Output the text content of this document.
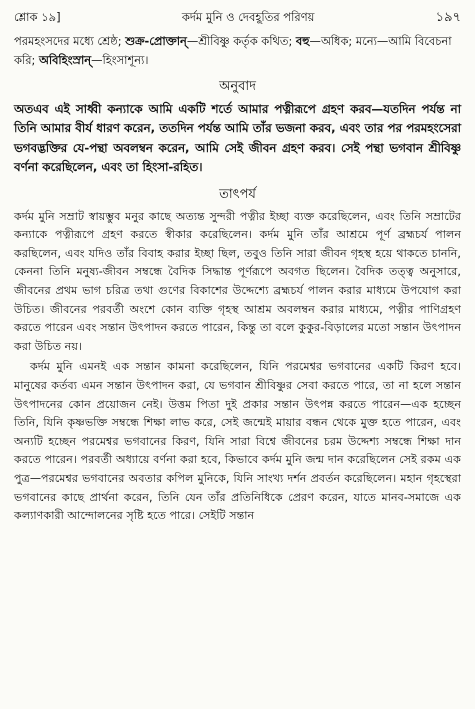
শ্লোক ১৯]	কর্দম মুনি ও দেবহূতির পরিণয়	১৯৭

পরমহংসদের মধ্যে শ্রেষ্ঠ; শুক্র-প্রোক্তান্—শ্রীবিষ্ণু কর্তৃক কথিত; বহু—অধিক; মন্যে—আমি বিবেচনা করি; অবিহিংস্রান্—হিংসাশূন্য।

অনুবাদ

অতএব এই সাধ্বী কন্যাকে আমি একটি শর্তে আমার পত্নীরূপে গ্রহণ করব—যতদিন পর্যন্ত না তিনি আমার বীর্য ধারণ করেন, ততদিন পর্যন্ত আমি তাঁর ভজনা করব, এবং তার পর পরমহংসেরা ভগবদ্ভক্তির যে-পন্থা অবলম্বন করেন, আমি সেই জীবন গ্রহণ করব। সেই পন্থা ভগবান শ্রীবিষ্ণু বর্ণনা করেছিলেন, এবং তা হিংসা-রহিত।

তাৎপর্য

কর্দম মুনি সম্রাট স্বায়ম্ভুব মনুর কাছে অত্যন্ত সুন্দরী পত্নীর ইচ্ছা ব্যক্ত করেছিলেন, এবং তিনি সম্রাটের কন্যাকে পত্নীরূপে গ্রহণ করতে স্বীকার করেছিলেন। কর্দম মুনি তাঁর আশ্রমে পূর্ণ ব্রহ্মচর্য পালন করছিলেন, এবং যদিও তাঁর বিবাহ করার ইচ্ছা ছিল, তবুও তিনি সারা জীবন গৃহস্থ হয়ে থাকতে চাননি, কেননা তিনি মনুষ্য-জীবন সম্বন্ধে বৈদিক সিদ্ধান্ত পূর্ণরূপে অবগত ছিলেন। বৈদিক তত্ত্ব অনুসারে, জীবনের প্রথম ভাগ চরিত্র তথা গুণের বিকাশের উদ্দেশ্যে ব্রহ্মচর্য পালন করার মাধ্যমে উপযোগ করা উচিত। জীবনের পরবর্তী অংশে কোন ব্যক্তি গৃহস্থ আশ্রম অবলম্বন করার মাধ্যমে, পত্নীর পাণিগ্রহণ করতে পারেন এবং সন্তান উৎপাদন করতে পারেন, কিন্তু তা বলে কুকুর-বিড়ালের মতো সন্তান উৎপাদন করা উচিত নয়।

কর্দম মুনি এমনই এক সন্তান কামনা করেছিলেন, যিনি পরমেশ্বর ভগবানের একটি কিরণ হবে। মানুষের কর্তব্য এমন সন্তান উৎপাদন করা, যে ভগবান শ্রীবিষ্ণুর সেবা করতে পারে, তা না হলে সন্তান উৎপাদনের কোন প্রয়োজন নেই। উত্তম পিতা দুই প্রকার সন্তান উৎপন্ন করতে পারেন—এক হচ্ছেন তিনি, যিনি কৃষ্ণভক্তি সম্বন্ধে শিক্ষা লাভ করে, সেই জন্মেই মায়ার বন্ধন থেকে মুক্ত হতে পারেন, এবং অন্যটি হচ্ছেন পরমেশ্বর ভগবানের কিরণ, যিনি সারা বিশ্বে জীবনের চরম উদ্দেশ্য সম্বন্ধে শিক্ষা দান করতে পারেন। পরবর্তী অধ্যায়ে বর্ণনা করা হবে, কিভাবে কর্দম মুনি জন্ম দান করেছিলেন সেই রকম এক পুত্র—পরমেশ্বর ভগবানের অবতার কপিল মুনিকে, যিনি সাংখ্য দর্শন প্রবর্তন করেছিলেন। মহান গৃহস্থেরা ভগবানের কাছে প্রার্থনা করেন, তিনি যেন তাঁর প্রতিনিধিকে প্রেরণ করেন, যাতে মানব-সমাজে এক কল্যাণকারী আন্দোলনের সৃষ্টি হতে পারে। সেইটি সন্তান
